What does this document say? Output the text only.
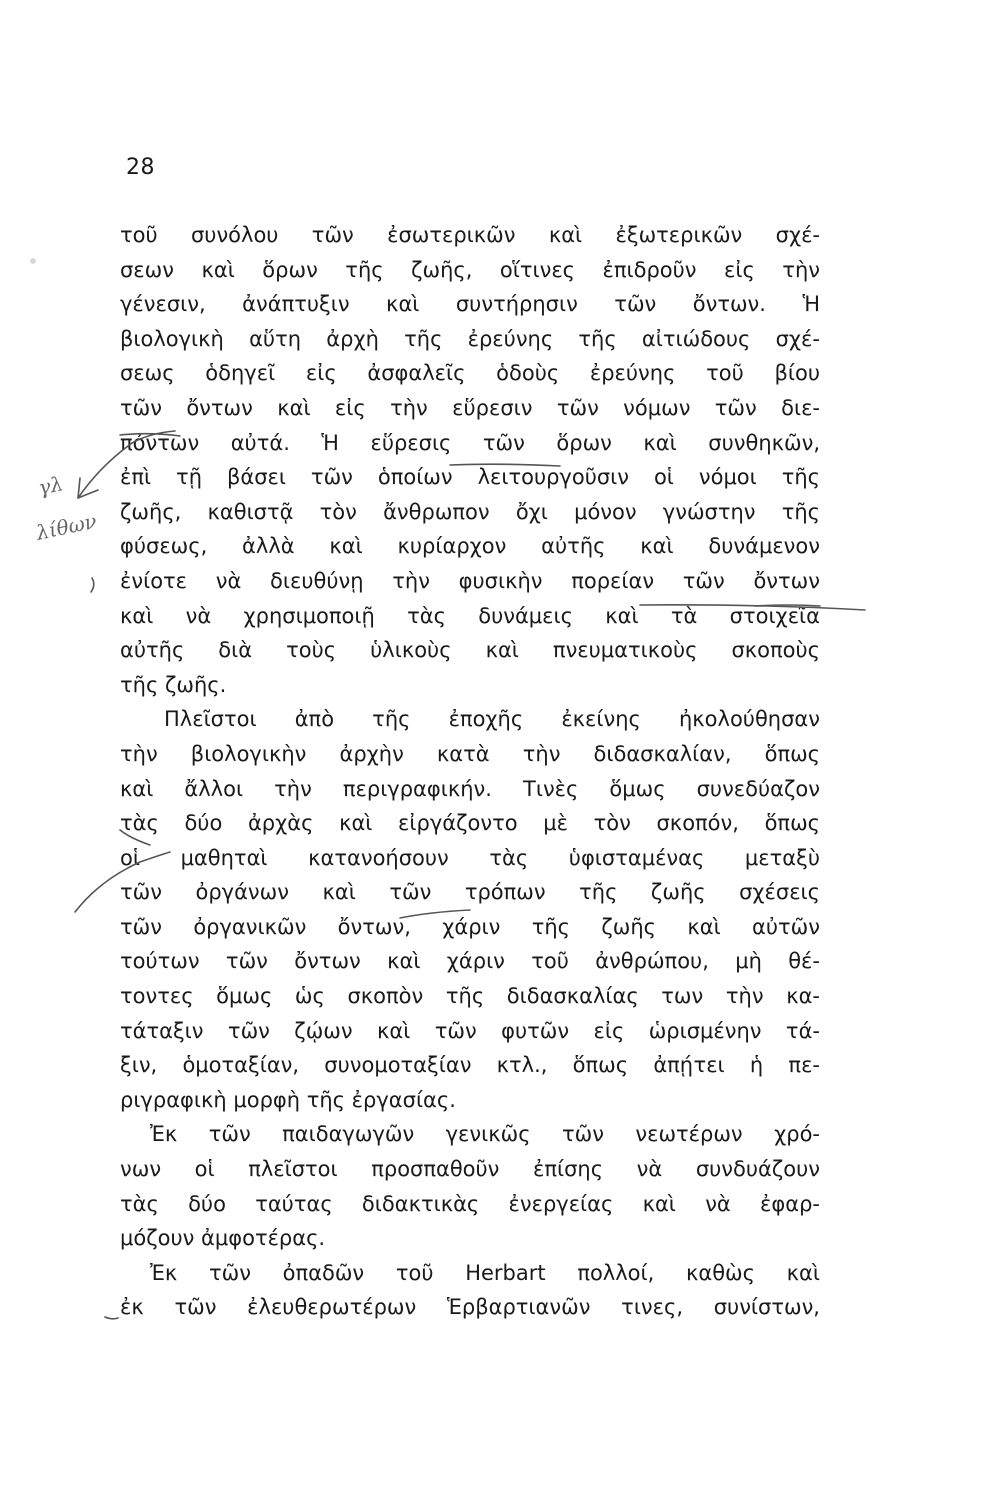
28
τοῦ συνόλου τῶν ἐσωτερικῶν καὶ ἐξωτερικῶν σχέ-
σεων καὶ ὅρων τῆς ζωῆς, οἵτινες ἐπιδροῦν εἰς τὴν
γένεσιν, ἀνάπτυξιν καὶ συντήρησιν τῶν ὄντων. Ἡ
βιολογικὴ αὕτη ἀρχὴ τῆς ἐρεύνης τῆς αἰτιώδους σχέ-
σεως ὁδηγεῖ εἰς ἀσφαλεῖς ὁδοὺς ἐρεύνης τοῦ βίου
τῶν ὄντων καὶ εἰς τὴν εὕρεσιν τῶν νόμων τῶν διε-
πόντων αὐτά. Ἡ εὕρεσις τῶν ὅρων καὶ συνθηκῶν,
ἐπὶ τῇ βάσει τῶν ὁποίων λειτουργοῦσιν οἱ νόμοι τῆς
ζωῆς, καθιστᾷ τὸν ἄνθρωπον ὄχι μόνον γνώστην τῆς
φύσεως, ἀλλὰ καὶ κυρίαρχον αὐτῆς καὶ δυνάμενον
ἐνίοτε νὰ διευθύνῃ τὴν φυσικὴν πορείαν τῶν ὄντων
καὶ νὰ χρησιμοποιῇ τὰς δυνάμεις καὶ τὰ στοιχεῖα
αὐτῆς διὰ τοὺς ὑλικοὺς καὶ πνευματικοὺς σκοποὺς
τῆς ζωῆς.
Πλεῖστοι ἀπὸ τῆς ἐποχῆς ἐκείνης ἠκολούθησαν
τὴν βιολογικὴν ἀρχὴν κατὰ τὴν διδασκαλίαν, ὅπως
καὶ ἄλλοι τὴν περιγραφικήν. Τινὲς ὅμως συνεδύαζον
τὰς δύο ἀρχὰς καὶ εἰργάζοντο μὲ τὸν σκοπόν, ὅπως
οἱ μαθηταὶ κατανοήσουν τὰς ὑφισταμένας μεταξὺ
τῶν ὀργάνων καὶ τῶν τρόπων τῆς ζωῆς σχέσεις
τῶν ὀργανικῶν ὄντων, χάριν τῆς ζωῆς καὶ αὐτῶν
τούτων τῶν ὄντων καὶ χάριν τοῦ ἀνθρώπου, μὴ θέ-
τοντες ὅμως ὡς σκοπὸν τῆς διδασκαλίας των τὴν κα-
τάταξιν τῶν ζῴων καὶ τῶν φυτῶν εἰς ὡρισμένην τά-
ξιν, ὁμοταξίαν, συνομοταξίαν κτλ., ὅπως ἀπῄτει ἡ πε-
ριγραφικὴ μορφὴ τῆς ἐργασίας.
Ἐκ τῶν παιδαγωγῶν γενικῶς τῶν νεωτέρων χρό-
νων οἱ πλεῖστοι προσπαθοῦν ἐπίσης νὰ συνδυάζουν
τὰς δύο ταύτας διδακτικὰς ἐνεργείας καὶ νὰ ἐφαρ-
μόζουν ἀμφοτέρας.
Ἐκ τῶν ὀπαδῶν τοῦ Herbart πολλοί, καθὼς καὶ
ἐκ τῶν ἐλευθερωτέρων Ἑρβαρτιανῶν τινες, συνίστων,
γλ
λίθων
